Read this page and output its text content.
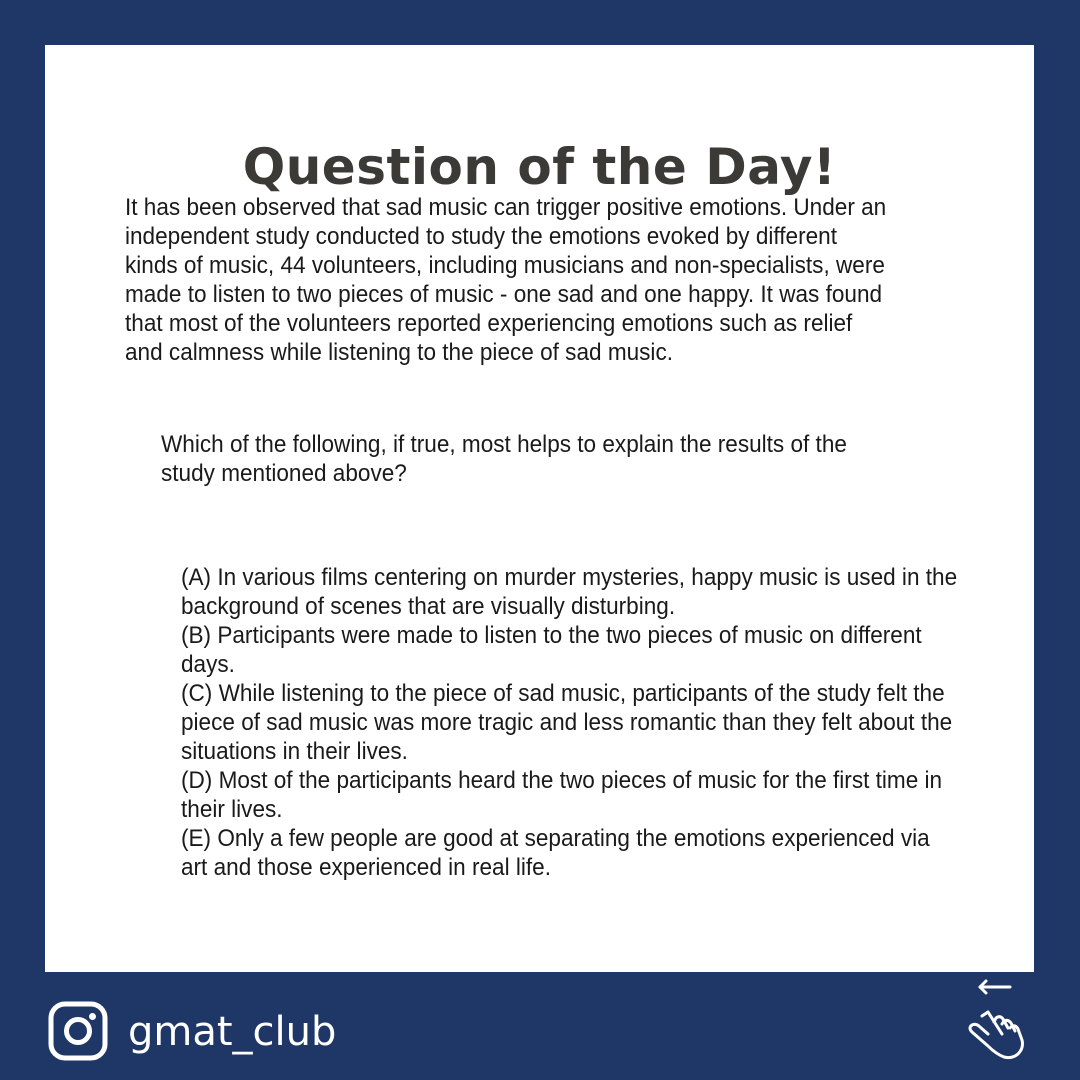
Question of the Day!

It has been observed that sad music can trigger positive emotions. Under an independent study conducted to study the emotions evoked by different kinds of music, 44 volunteers, including musicians and non-specialists, were made to listen to two pieces of music - one sad and one happy. It was found that most of the volunteers reported experiencing emotions such as relief and calmness while listening to the piece of sad music.

Which of the following, if true, most helps to explain the results of the study mentioned above?

(A) In various films centering on murder mysteries, happy music is used in the background of scenes that are visually disturbing.
(B) Participants were made to listen to the two pieces of music on different days.
(C) While listening to the piece of sad music, participants of the study felt the piece of sad music was more tragic and less romantic than they felt about the situations in their lives.
(D) Most of the participants heard the two pieces of music for the first time in their lives.
(E) Only a few people are good at separating the emotions experienced via art and those experienced in real life.
gmat_club
